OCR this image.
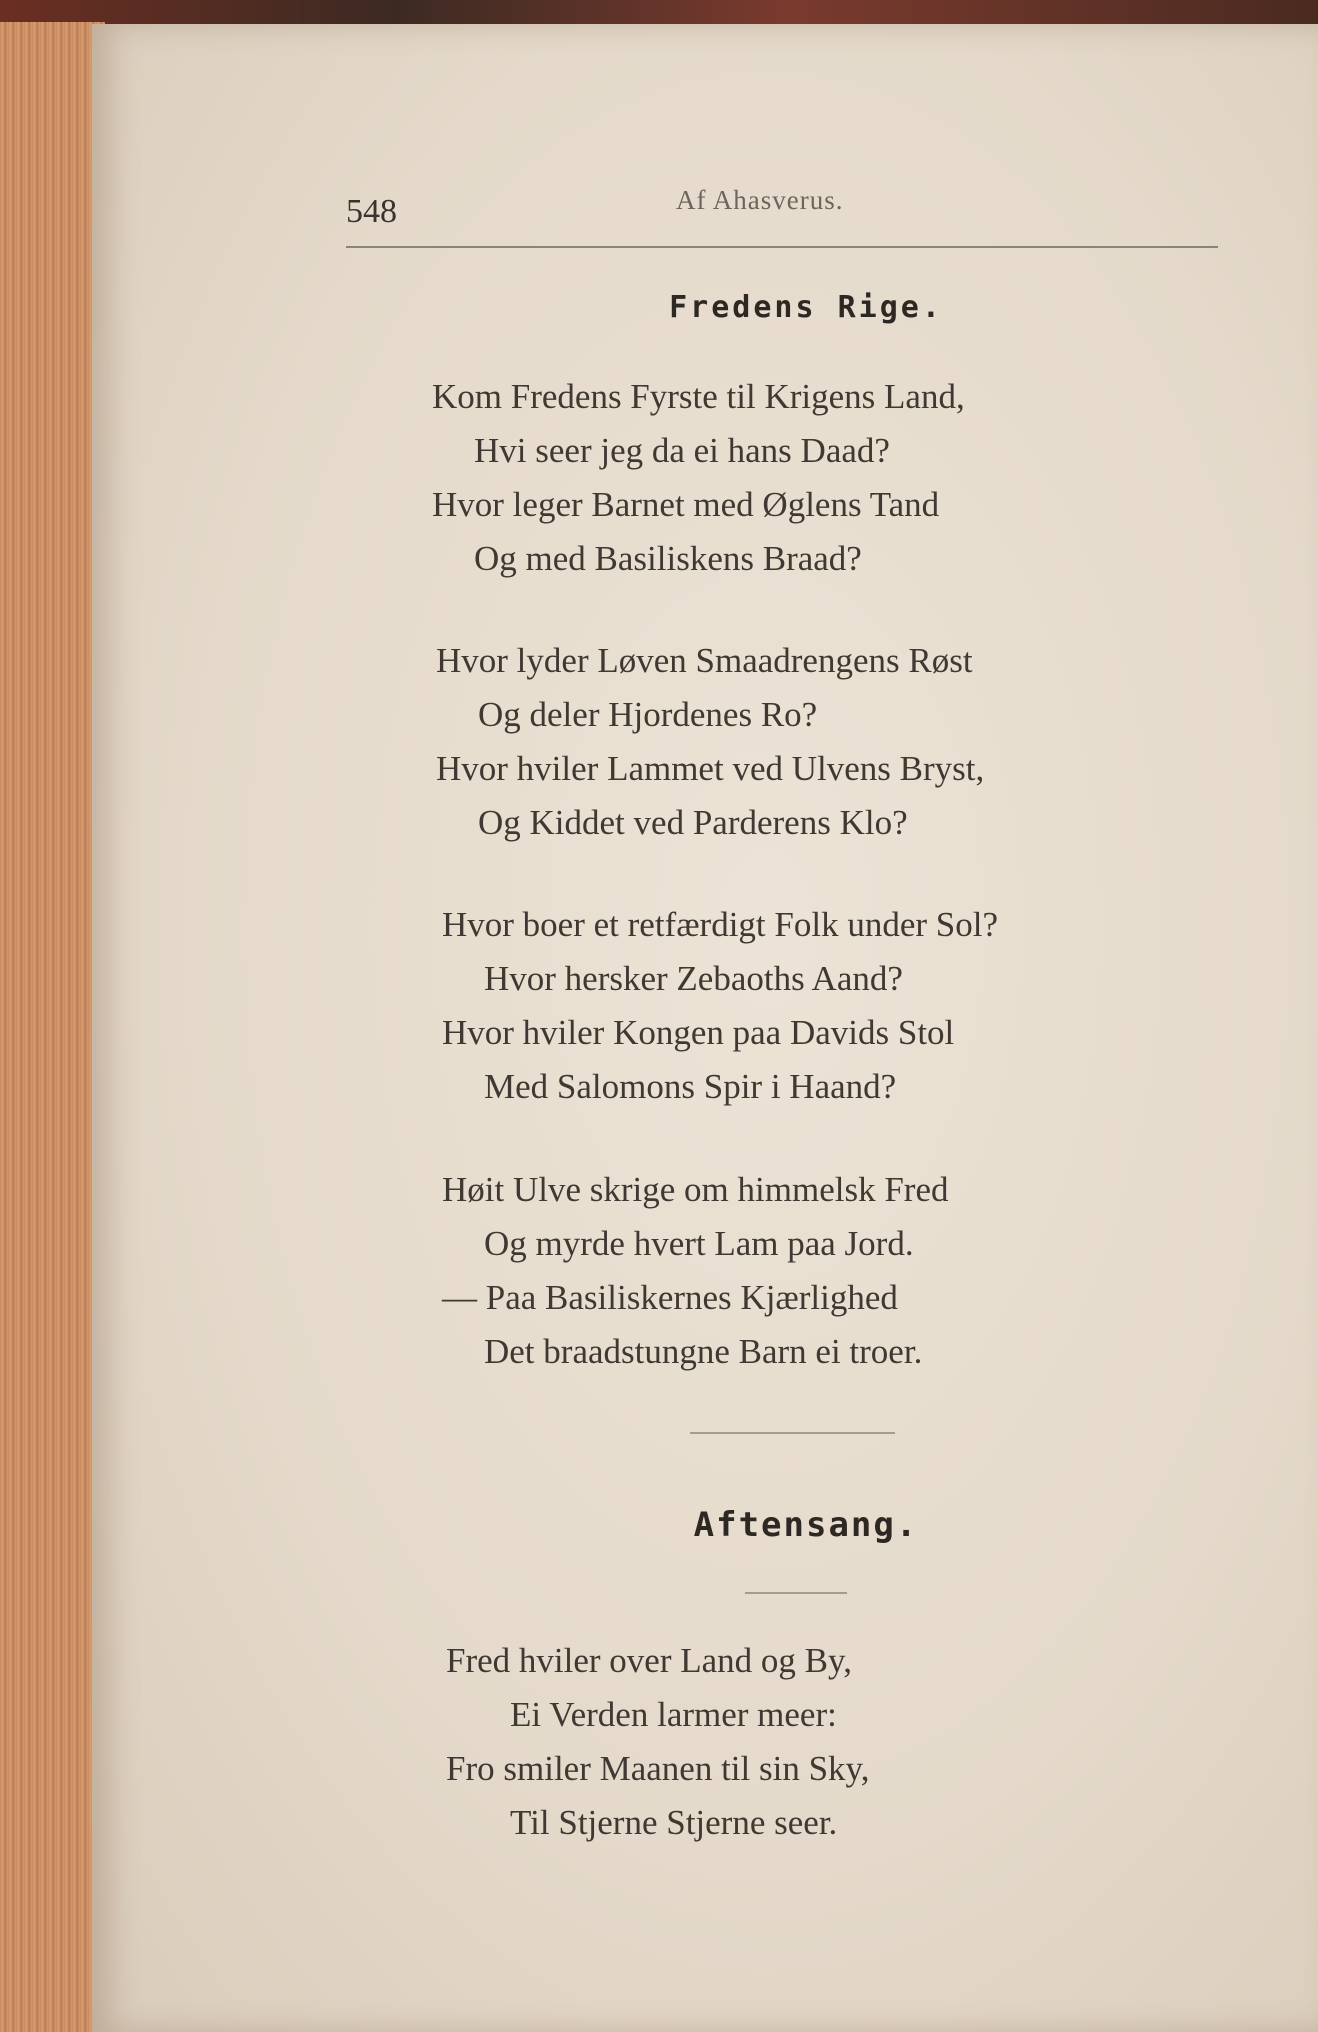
548	Af Ahasverus.
Fredens Rige.
Kom Fredens Fyrste til Krigens Land,
Hvi seer jeg da ei hans Daad?
Hvor leger Barnet med Øglens Tand
Og med Basiliskens Braad?
Hvor lyder Løven Smaadrengens Røst
Og deler Hjordenes Ro?
Hvor hviler Lammet ved Ulvens Bryst,
Og Kiddet ved Parderens Klo?
Hvor boer et retfærdigt Folk under Sol?
Hvor hersker Zebaoths Aand?
Hvor hviler Kongen paa Davids Stol
Med Salomons Spir i Haand?
Høit Ulve skrige om himmelsk Fred
Og myrde hvert Lam paa Jord.
— Paa Basiliskernes Kjærlighed
Det braadstungne Barn ei troer.
Aftensang.
Fred hviler over Land og By,
Ei Verden larmer meer:
Fro smiler Maanen til sin Sky,
Til Stjerne Stjerne seer.
